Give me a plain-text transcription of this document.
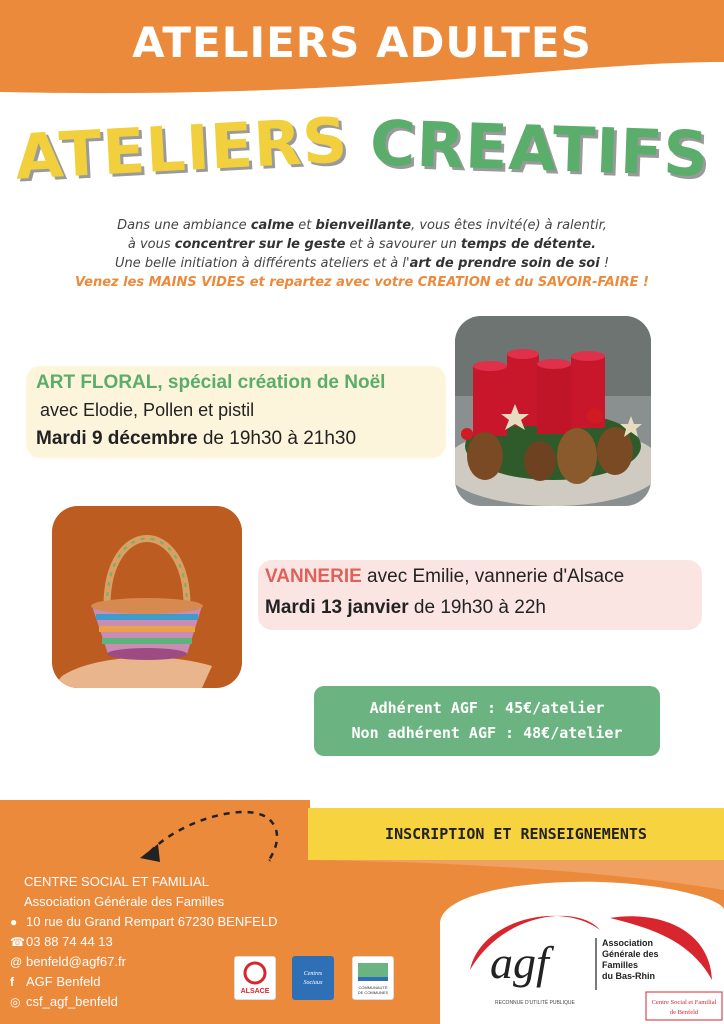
ATELIERS ADULTES
ATELIERS CREATIFS
Dans une ambiance calme et bienveillante, vous êtes invité(e) à ralentir,
à vous concentrer sur le geste et à savourer un temps de détente.
Une belle initiation à différents ateliers et à l'art de prendre soin de soi !
Venez les MAINS VIDES et repartez avec votre CREATION et du SAVOIR-FAIRE !
ART FLORAL, spécial création de Noël
avec Elodie, Pollen et pistil
Mardi 9 décembre de 19h30 à 21h30
VANNERIE avec Emilie, vannerie d'Alsace
Mardi 13 janvier de 19h30 à 22h
Adhérent AGF : 45€/atelier
Non adhérent AGF : 48€/atelier
INSCRIPTION ET RENSEIGNEMENTS
CENTRE SOCIAL ET FAMILIAL
Association Générale des Familles
● 10 rue du Grand Rempart 67230 BENFELD
☎ 03 88 74 44 13
@ benfeld@agf67.fr
f AGF Benfeld
◎ csf_agf_benfeld
ALSACE
Centres
Sociaux
COMMUNAUTÉ
DE COMMUNES
agf	Association
Générale des
Familles
du Bas-Rhin
RECONNUE D'UTILITÉ PUBLIQUE	Centre Social et Familial
de Benfeld
